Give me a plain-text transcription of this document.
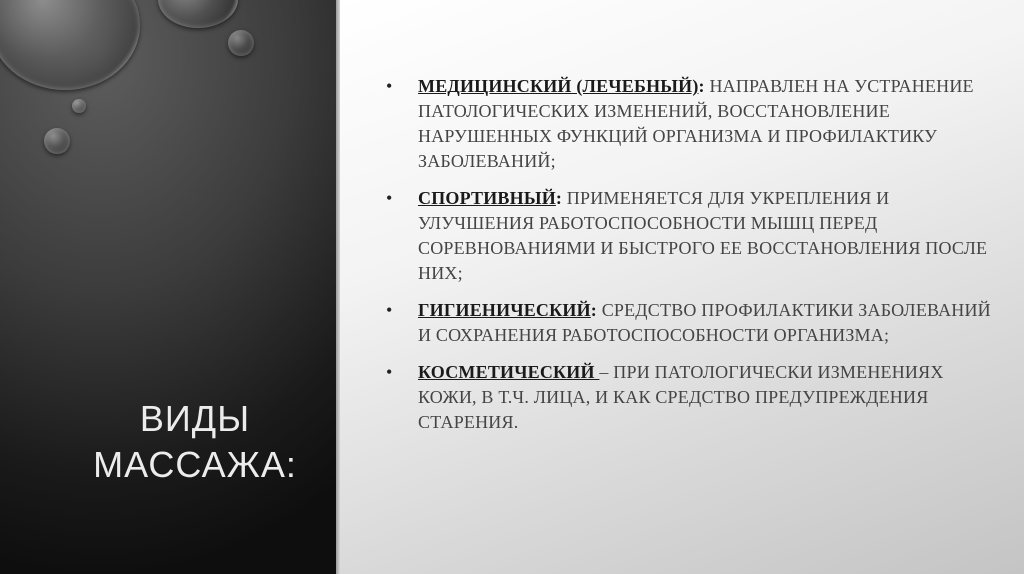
ВИДЫ
МАССАЖА:
• МЕДИЦИНСКИЙ (ЛЕЧЕБНЫЙ): НАПРАВЛЕН НА УСТРАНЕНИЕ ПАТОЛОГИЧЕСКИХ ИЗМЕНЕНИЙ, ВОССТАНОВЛЕНИЕ НАРУШЕННЫХ ФУНКЦИЙ ОРГАНИЗМА И ПРОФИЛАКТИКУ ЗАБОЛЕВАНИЙ;
• СПОРТИВНЫЙ: ПРИМЕНЯЕТСЯ ДЛЯ УКРЕПЛЕНИЯ И УЛУЧШЕНИЯ РАБОТОСПОСОБНОСТИ МЫШЦ ПЕРЕД СОРЕВНОВАНИЯМИ И БЫСТРОГО ЕЕ ВОССТАНОВЛЕНИЯ ПОСЛЕ НИХ;
• ГИГИЕНИЧЕСКИЙ: СРЕДСТВО ПРОФИЛАКТИКИ ЗАБОЛЕВАНИЙ И СОХРАНЕНИЯ РАБОТОСПОСОБНОСТИ ОРГАНИЗМА;
• КОСМЕТИЧЕСКИЙ – ПРИ ПАТОЛОГИЧЕСКИ ИЗМЕНЕНИЯХ КОЖИ, В Т.Ч. ЛИЦА, И КАК СРЕДСТВО ПРЕДУПРЕЖДЕНИЯ СТАРЕНИЯ.
